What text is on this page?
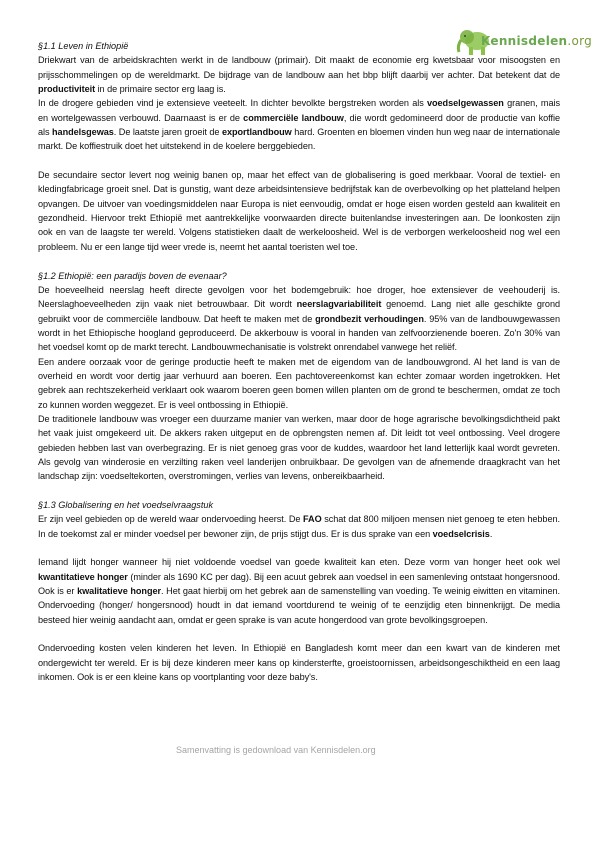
Kennisdelen.org

§1.1 Leven in Ethiopië

Driekwart van de arbeidskrachten werkt in de landbouw (primair). Dit maakt de economie erg kwetsbaar voor misoogsten en prijsschommelingen op de wereldmarkt. De bijdrage van de landbouw aan het bbp blijft daarbij ver achter. Dat betekent dat de productiviteit in de primaire sector erg laag is.

In de drogere gebieden vind je extensieve veeteelt. In dichter bevolkte bergstreken worden als voedselgewassen granen, mais en wortelgewassen verbouwd. Daarnaast is er de commerciële landbouw, die wordt gedomineerd door de productie van koffie als handelsgewas. De laatste jaren groeit de exportlandbouw hard. Groenten en bloemen vinden hun weg naar de internationale markt. De koffiestruik doet het uitstekend in de koelere berggebieden.

De secundaire sector levert nog weinig banen op, maar het effect van de globalisering is goed merkbaar. Vooral de textiel- en kledingfabricage groeit snel. Dat is gunstig, want deze arbeidsintensieve bedrijfstak kan de overbevolking op het platteland helpen opvangen. De uitvoer van voedingsmiddelen naar Europa is niet eenvoudig, omdat er hoge eisen worden gesteld aan kwaliteit en gezondheid. Hiervoor trekt Ethiopië met aantrekkelijke voorwaarden directe buitenlandse investeringen aan. De loonkosten zijn ook en van de laagste ter wereld. Volgens statistieken daalt de werkeloosheid. Wel is de verborgen werkeloosheid nog wel een probleem. Nu er een lange tijd weer vrede is, neemt het aantal toeristen wel toe.

§1.2 Ethiopië: een paradijs boven de evenaar?

De hoeveelheid neerslag heeft directe gevolgen voor het bodemgebruik: hoe droger, hoe extensiever de veehouderij is. Neerslaghoeveelheden zijn vaak niet betrouwbaar. Dit wordt neerslagvariabiliteit genoemd. Lang niet alle geschikte grond gebruikt voor de commerciële landbouw. Dat heeft te maken met de grondbezit verhoudingen. 95% van de landbouwgewassen wordt in het Ethiopische hoogland geproduceerd. De akkerbouw is vooral in handen van zelfvoorzienende boeren. Zo'n 30% van het voedsel komt op de markt terecht. Landbouwmechanisatie is volstrekt onrendabel vanwege het reliëf.

Een andere oorzaak voor de geringe productie heeft te maken met de eigendom van de landbouwgrond. Al het land is van de overheid en wordt voor dertig jaar verhuurd aan boeren. Een pachtovereenkomst kan echter zomaar worden ingetrokken. Het gebrek aan rechtszekerheid verklaart ook waarom boeren geen bomen willen planten om de grond te beschermen, omdat ze toch zo kunnen worden weggezet. Er is veel ontbossing in Ethiopië.

De traditionele landbouw was vroeger een duurzame manier van werken, maar door de hoge agrarische bevolkingsdichtheid pakt het vaak juist omgekeerd uit. De akkers raken uitgeput en de opbrengsten nemen af. Dit leidt tot veel ontbossing. Veel drogere gebieden hebben last van overbegrazing. Er is niet genoeg gras voor de kuddes, waardoor het land letterlijk kaal wordt gevreten. Als gevolg van winderosie en verzilting raken veel landerijen onbruikbaar. De gevolgen van de afnemende draagkracht van het landschap zijn: voedseltekorten, overstromingen, verlies van levens, onbereikbaarheid.

§1.3 Globalisering en het voedselvraagstuk

Er zijn veel gebieden op de wereld waar ondervoeding heerst. De FAO schat dat 800 miljoen mensen niet genoeg te eten hebben. In de toekomst zal er minder voedsel per bewoner zijn, de prijs stijgt dus. Er is dus sprake van een voedselcrisis.

Iemand lijdt honger wanneer hij niet voldoende voedsel van goede kwaliteit kan eten. Deze vorm van honger heet ook wel kwantitatieve honger (minder als 1690 KC per dag). Bij een acuut gebrek aan voedsel in een samenleving ontstaat hongersnood. Ook is er kwalitatieve honger. Het gaat hierbij om het gebrek aan de samenstelling van voeding. Te weinig eiwitten en vitaminen. Ondervoeding (honger/ hongersnood) houdt in dat iemand voortdurend te weinig of te eenzijdig eten binnenkrijgt. De media besteed hier weinig aandacht aan, omdat er geen sprake is van acute hongerdood van grote bevolkingsgroepen.

Ondervoeding kosten velen kinderen het leven. In Ethiopië en Bangladesh komt meer dan een kwart van de kinderen met ondergewicht ter wereld. Er is bij deze kinderen meer kans op kindersterfte, groeistoornissen, arbeidsongeschiktheid en een laag inkomen. Ook is er een kleine kans op voortplanting voor deze baby's.

Samenvatting is gedownload van Kennisdelen.org
